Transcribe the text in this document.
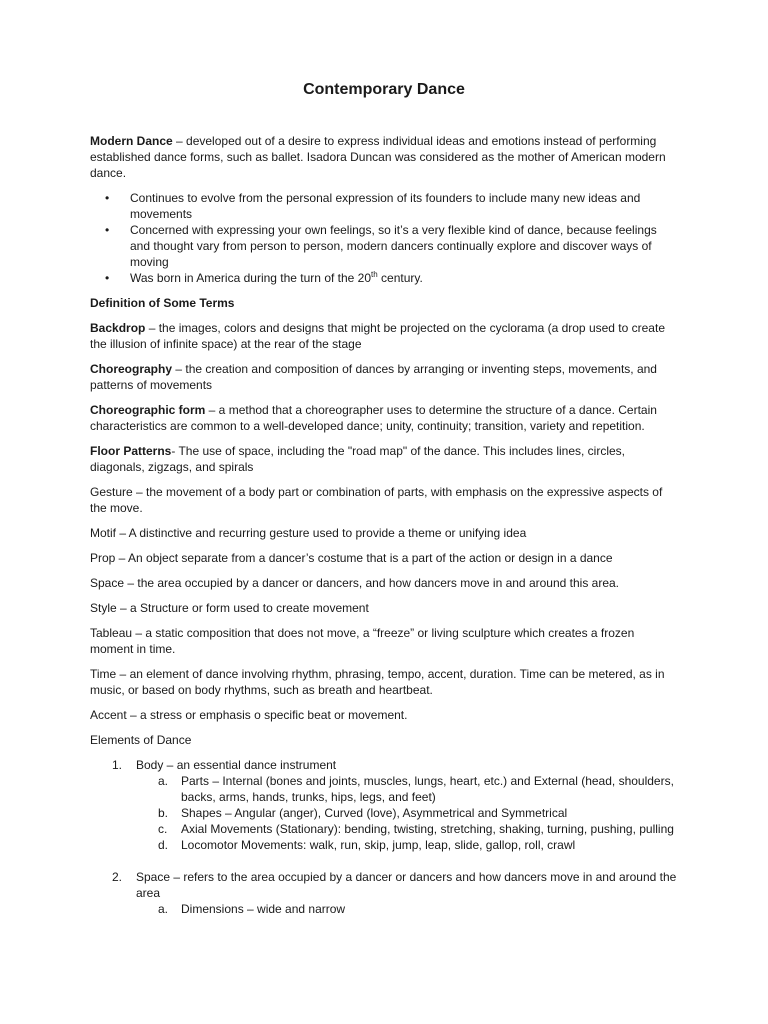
Contemporary Dance

Modern Dance – developed out of a desire to express individual ideas and emotions instead of performing established dance forms, such as ballet. Isadora Duncan was considered as the mother of American modern dance.

• Continues to evolve from the personal expression of its founders to include many new ideas and movements
• Concerned with expressing your own feelings, so it’s a very flexible kind of dance, because feelings and thought vary from person to person, modern dancers continually explore and discover ways of moving
• Was born in America during the turn of the 20th century.

Definition of Some Terms

Backdrop – the images, colors and designs that might be projected on the cyclorama (a drop used to create the illusion of infinite space) at the rear of the stage

Choreography – the creation and composition of dances by arranging or inventing steps, movements, and patterns of movements

Choreographic form – a method that a choreographer uses to determine the structure of a dance. Certain characteristics are common to a well-developed dance; unity, continuity; transition, variety and repetition.

Floor Patterns- The use of space, including the "road map" of the dance. This includes lines, circles, diagonals, zigzags, and spirals

Gesture – the movement of a body part or combination of parts, with emphasis on the expressive aspects of the move.

Motif – A distinctive and recurring gesture used to provide a theme or unifying idea

Prop – An object separate from a dancer’s costume that is a part of the action or design in a dance

Space – the area occupied by a dancer or dancers, and how dancers move in and around this area.

Style – a Structure or form used to create movement

Tableau – a static composition that does not move, a “freeze” or living sculpture which creates a frozen moment in time.

Time – an element of dance involving rhythm, phrasing, tempo, accent, duration. Time can be metered, as in music, or based on body rhythms, such as breath and heartbeat.

Accent – a stress or emphasis o specific beat or movement.

Elements of Dance

1. Body – an essential dance instrument
a. Parts – Internal (bones and joints, muscles, lungs, heart, etc.) and External (head, shoulders, backs, arms, hands, trunks, hips, legs, and feet)
b. Shapes – Angular (anger), Curved (love), Asymmetrical and Symmetrical
c. Axial Movements (Stationary): bending, twisting, stretching, shaking, turning, pushing, pulling
d. Locomotor Movements: walk, run, skip, jump, leap, slide, gallop, roll, crawl
2. Space – refers to the area occupied by a dancer or dancers and how dancers move in and around the area
a. Dimensions – wide and narrow
